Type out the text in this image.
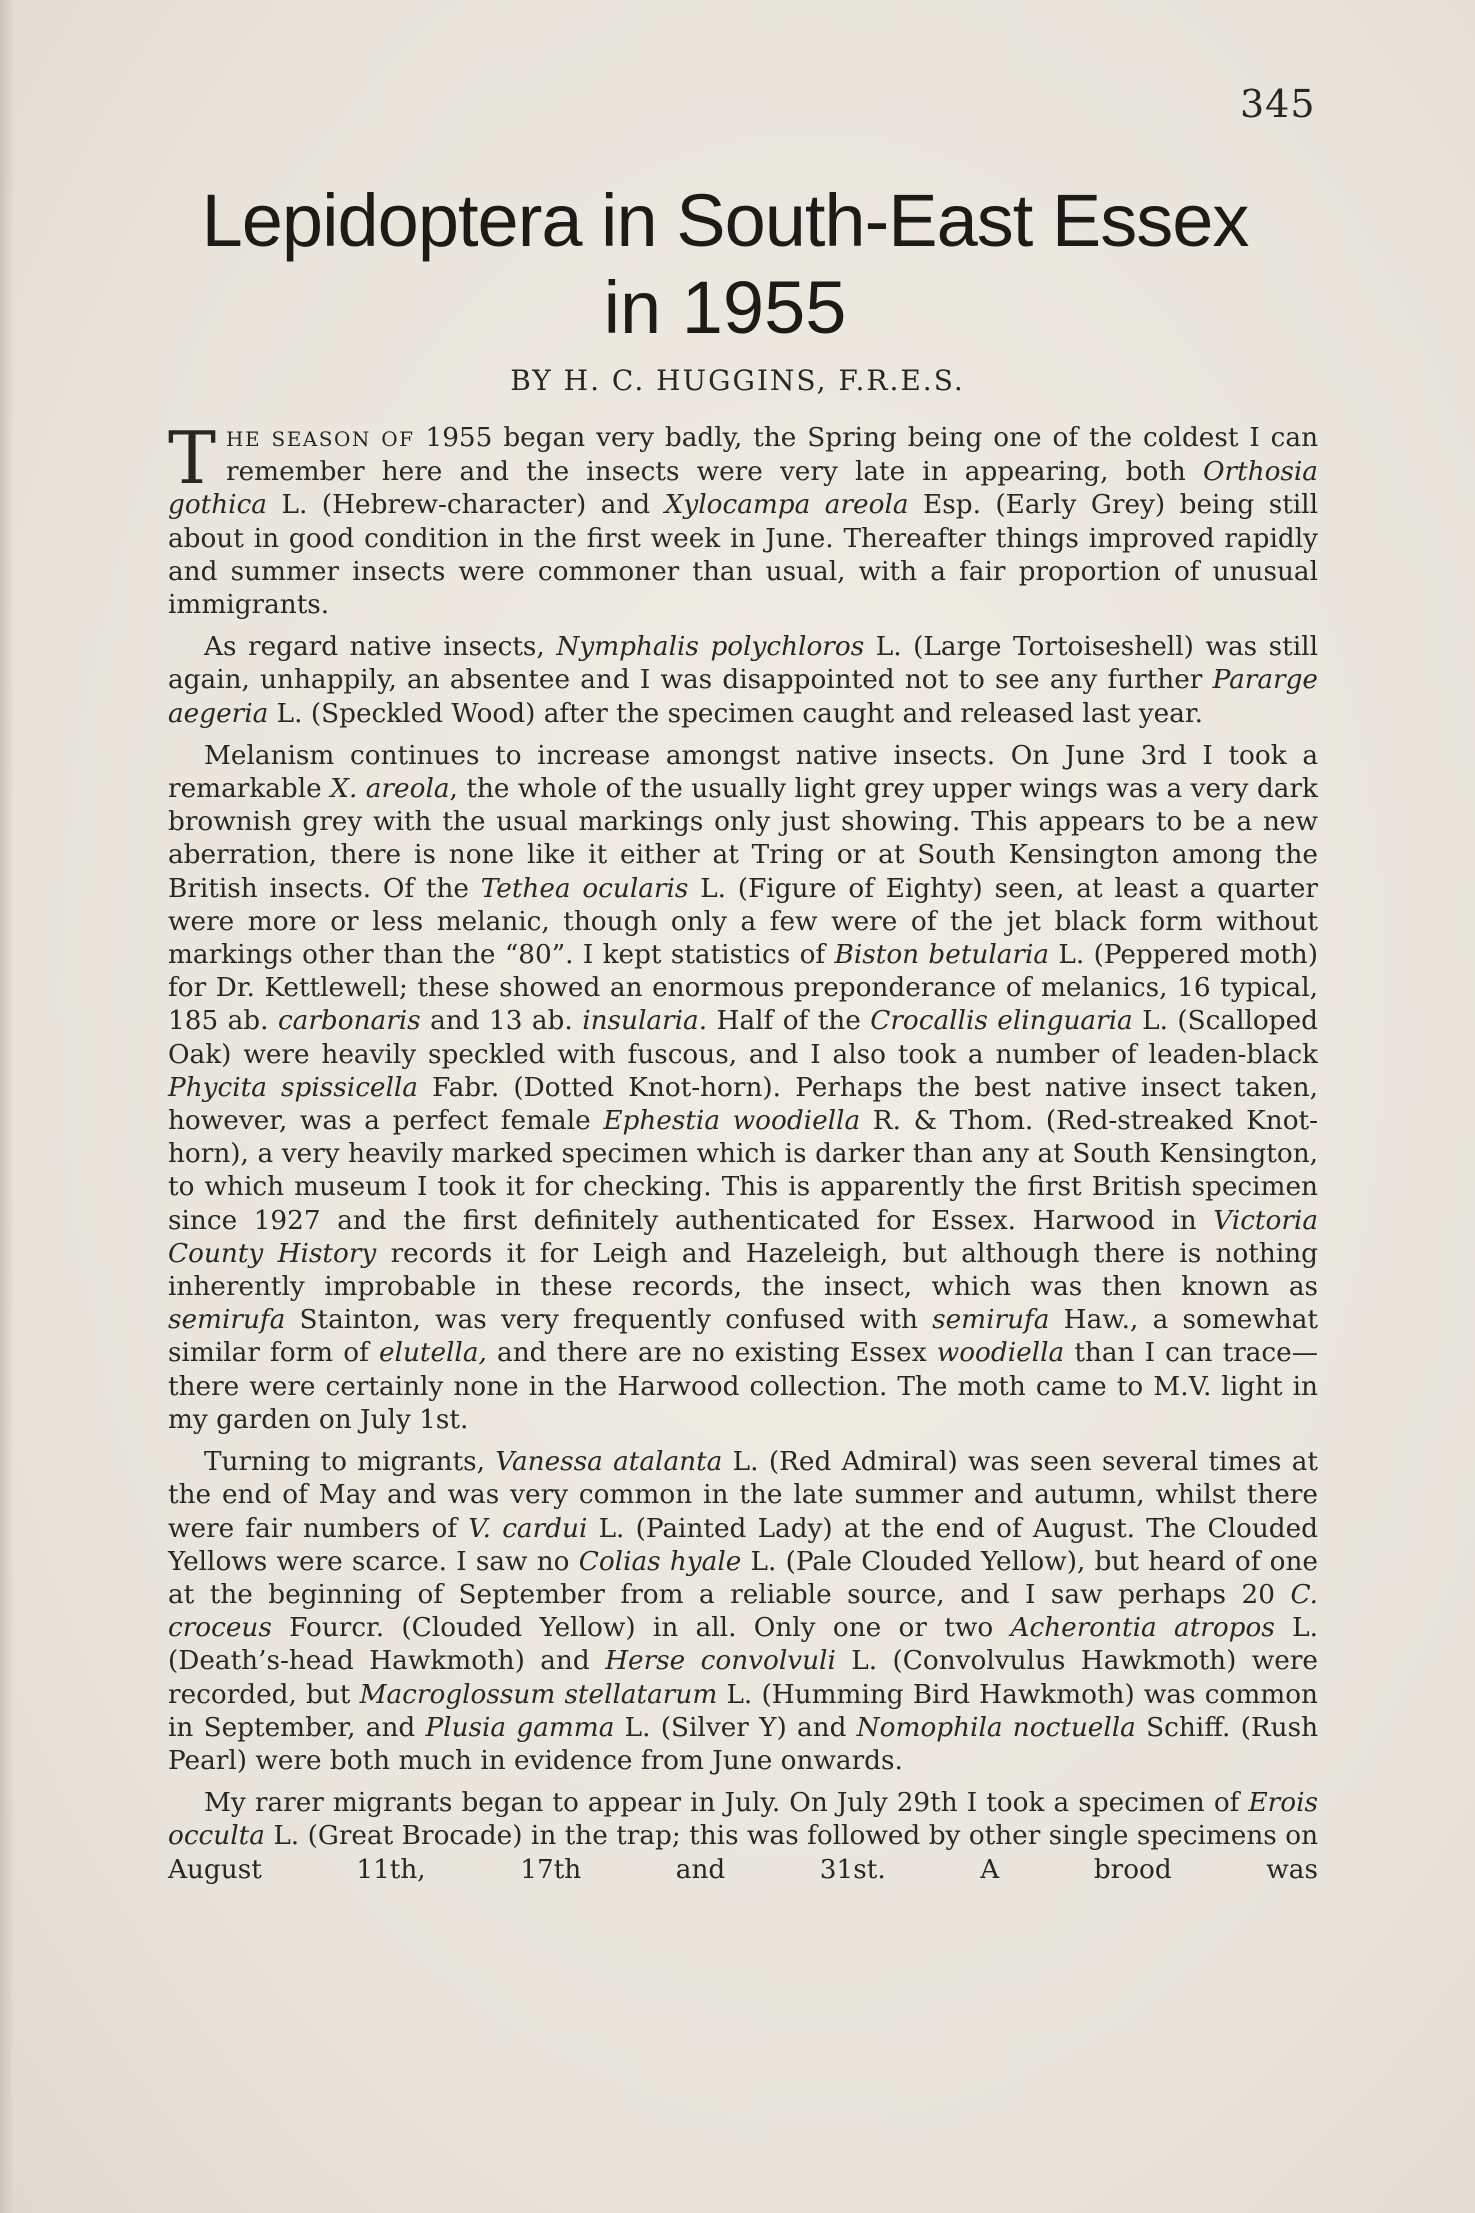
345
Lepidoptera in South-East Essex
in 1955
BY H. C. HUGGINS, F.R.E.S.

THE SEASON OF 1955 began very badly, the Spring being one of the coldest I can remember here and the insects were very late in appearing, both Orthosia gothica L. (Hebrew-character) and Xylocampa areola Esp. (Early Grey) being still about in good condition in the first week in June. Thereafter things improved rapidly and summer insects were commoner than usual, with a fair proportion of unusual immigrants.

As regard native insects, Nymphalis polychloros L. (Large Tortoiseshell) was still again, unhappily, an absentee and I was disappointed not to see any further Pararge aegeria L. (Speckled Wood) after the specimen caught and released last year.

Melanism continues to increase amongst native insects. On June 3rd I took a remarkable X. areola, the whole of the usually light grey upper wings was a very dark brownish grey with the usual markings only just showing. This appears to be a new aberration, there is none like it either at Tring or at South Kensington among the British insects. Of the Tethea ocularis L. (Figure of Eighty) seen, at least a quarter were more or less melanic, though only a few were of the jet black form without markings other than the “80”. I kept statistics of Biston betularia L. (Peppered moth) for Dr. Kettlewell; these showed an enormous preponderance of melanics, 16 typical, 185 ab. carbonaris and 13 ab. insularia. Half of the Crocallis elinguaria L. (Scalloped Oak) were heavily speckled with fuscous, and I also took a number of leaden-black Phycita spissicella Fabr. (Dotted Knot-horn). Perhaps the best native insect taken, however, was a perfect female Ephestia woodiella R. & Thom. (Red-streaked Knot-horn), a very heavily marked specimen which is darker than any at South Kensington, to which museum I took it for checking. This is apparently the first British specimen since 1927 and the first definitely authenticated for Essex. Harwood in Victoria County History records it for Leigh and Hazeleigh, but although there is nothing inherently improbable in these records, the insect, which was then known as semirufa Stainton, was very frequently confused with semirufa Haw., a somewhat similar form of elutella, and there are no existing Essex woodiella than I can trace—there were certainly none in the Harwood collection. The moth came to M.V. light in my garden on July 1st.

Turning to migrants, Vanessa atalanta L. (Red Admiral) was seen several times at the end of May and was very common in the late summer and autumn, whilst there were fair numbers of V. cardui L. (Painted Lady) at the end of August. The Clouded Yellows were scarce. I saw no Colias hyale L. (Pale Clouded Yellow), but heard of one at the beginning of September from a reliable source, and I saw perhaps 20 C. croceus Fourcr. (Clouded Yellow) in all. Only one or two Acherontia atropos L. (Death’s-head Hawkmoth) and Herse convolvuli L. (Convolvulus Hawkmoth) were recorded, but Macroglossum stellatarum L. (Humming Bird Hawkmoth) was common in September, and Plusia gamma L. (Silver Y) and Nomophila noctuella Schiff. (Rush Pearl) were both much in evidence from June onwards.

My rarer migrants began to appear in July. On July 29th I took a specimen of Erois occulta L. (Great Brocade) in the trap; this was followed by other single specimens on August 11th, 17th and 31st. A brood was
